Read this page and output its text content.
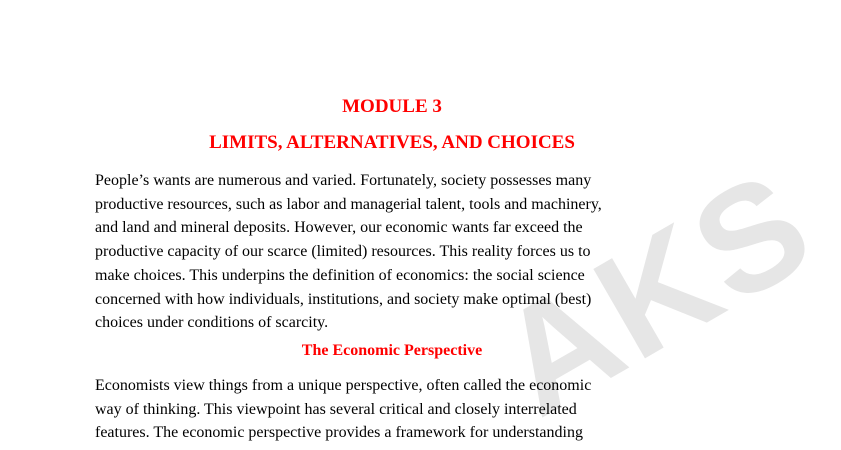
AKS
MODULE 3
LIMITS, ALTERNATIVES, AND CHOICES
People’s wants are numerous and varied. Fortunately, society possesses many
productive resources, such as labor and managerial talent, tools and machinery,
and land and mineral deposits. However, our economic wants far exceed the
productive capacity of our scarce (limited) resources. This reality forces us to
make choices. This underpins the definition of economics: the social science
concerned with how individuals, institutions, and society make optimal (best)
choices under conditions of scarcity.
The Economic Perspective
Economists view things from a unique perspective, often called the economic
way of thinking. This viewpoint has several critical and closely interrelated
features. The economic perspective provides a framework for understanding
